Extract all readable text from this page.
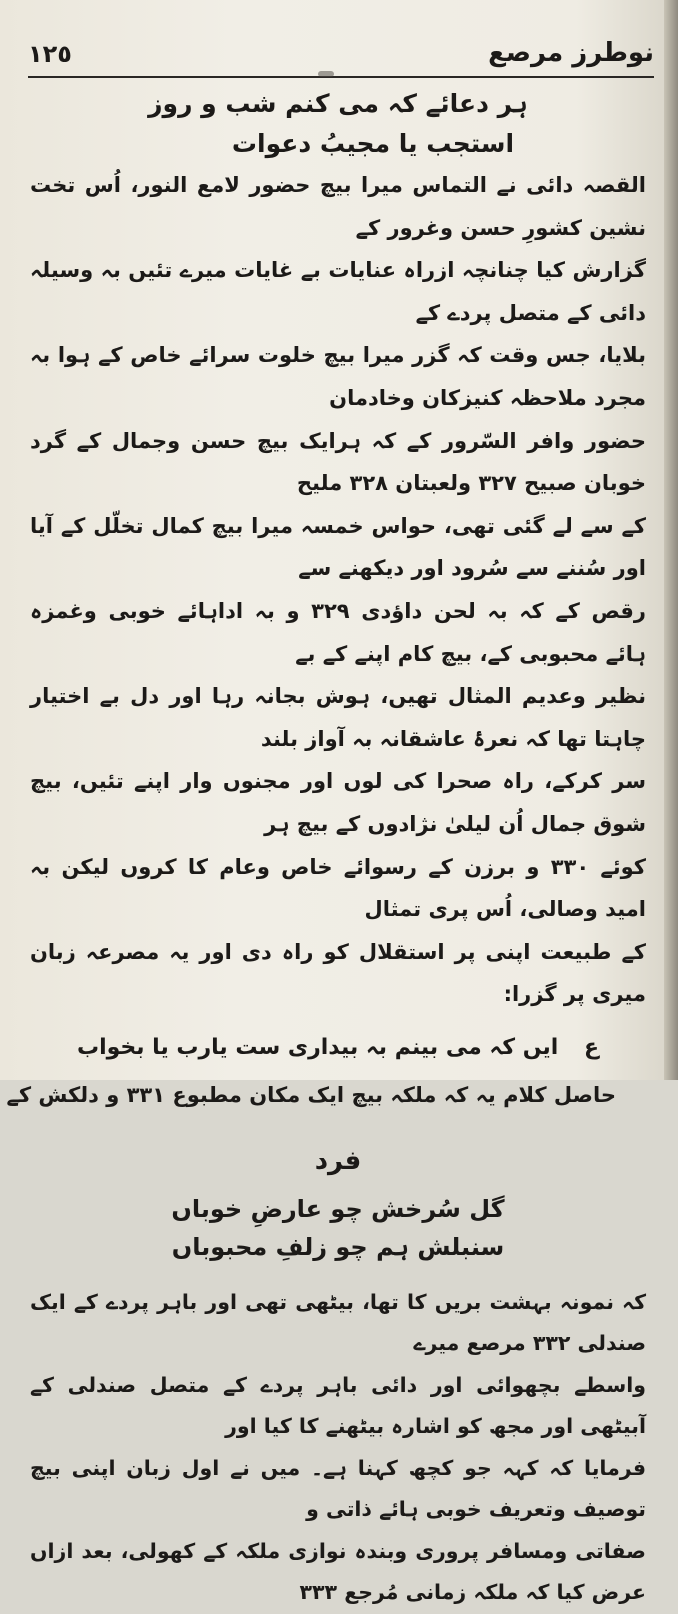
١٢٥	نوطرز مرصع
ہر دعائے کہ می کنم شب و روز
استجب یا مجیبُ دعوات

القصہ دائی نے التماس میرا بیچ حضور لامع النور، اُس تخت نشین کشورِ حسن وغرور کے

گزارش کیا چنانچہ ازراہ عنایات بے غایات میرے تئیں بہ وسیلہ دائی کے متصل پردے کے

بلایا، جس وقت کہ گزر میرا بیچ خلوت سرائے خاص کے ہوا بہ مجرد ملاحظہ کنیزکان وخادمان

حضور وافر السّرور کے کہ ہرایک بیچ حسن وجمال کے گرد خوبان صبیح ۳۲۷ ولعبتان ۳۲۸ ملیح

کے سے لے گئی تھی، حواس خمسہ میرا بیچ کمال تخلّل کے آیا اور سُننے سے سُرود اور دیکھنے سے

رقص کے کہ بہ لحن داؤدی ۳۲۹ و بہ اداہائے خوبی وغمزہ ہائے محبوبی کے، بیچ کام اپنے کے بے

نظیر وعدیم المثال تھیں، ہوش بجانہ رہا اور دل بے اختیار چاہتا تھا کہ نعرۂ عاشقانہ بہ آواز بلند

سر کرکے، راہ صحرا کی لوں اور مجنوں وار اپنے تئیں، بیچ شوق جمال اُن لیلیٰ نژادوں کے بیچ ہر

کوئے ۳۳۰ و برزن کے رسوائے خاص وعام کا کروں لیکن بہ امید وصالی، اُس پری تمثال

کے طبیعت اپنی پر استقلال کو راہ دی اور یہ مصرعہ زبان میری پر گزرا:

ع ایں کہ می بینم بہ بیداری ست یارب یا بخواب
حاصل کلام یہ کہ ملکہ بیچ ایک مکان مطبوع ۳۳۱ و دلکش کے
فرد
گل سُرخش چو عارضِ خوباں
سنبلش ہم چو زلفِ محبوباں

کہ نمونہ بہشت بریں کا تھا، بیٹھی تھی اور باہر پردے کے ایک صندلی ۳۳۲ مرصع میرے

واسطے بچھوائی اور دائی باہر پردے کے متصل صندلی کے آبیٹھی اور مجھ کو اشارہ بیٹھنے کا کیا اور

فرمایا کہ کہہ جو کچھ کہنا ہے۔ میں نے اول زبان اپنی بیچ توصیف وتعریف خوبی ہائے ذاتی و

صفاتی ومسافر پروری وبندہ نوازی ملکہ کے کھولی، بعد ازاں عرض کیا کہ ملکہ زمانی مُرجع ۳۳۳
